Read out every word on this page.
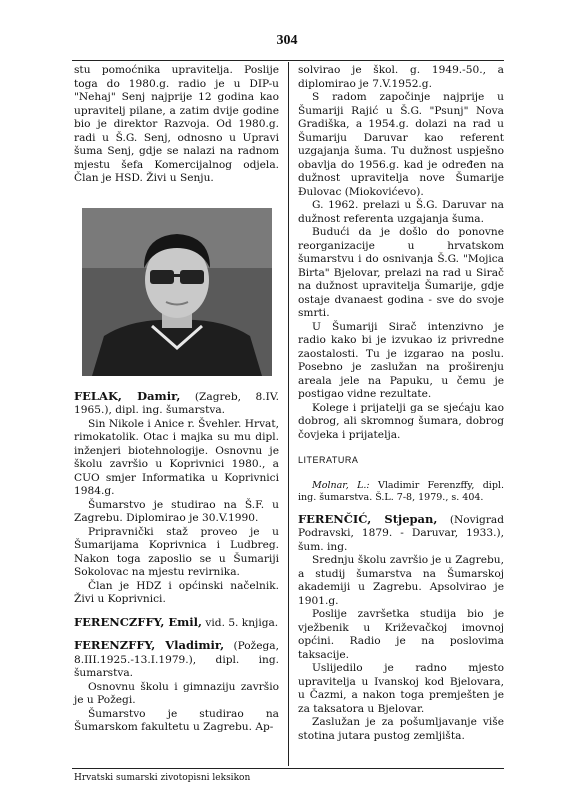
304

stu pomoćnika upravitelja. Poslije toga do 1980.g. radio je u DIP-u "Nehaj" Senj najprije 12 godina kao upravitelj pilane, a zatim dvije godine bio je direktor Razvoja. Od 1980.g. radi u Š.G. Senj, odnosno u Upravi šuma Senj, gdje se nalazi na radnom mjestu šefa Komercijalnog odjela. Član je HSD. Živi u Senju.

FELAK, Damir, (Zagreb, 8.IV. 1965.), dipl. ing. šumarstva.

Sin Nikole i Anice r. Švehler. Hrvat, rimokatolik. Otac i majka su mu dipl. inženjeri biotehnologije. Osnovnu je školu završio u Koprivnici 1980., a CUO smjer Informatika u Koprivnici 1984.g.

Šumarstvo je studirao na Š.F. u Zagrebu. Diplomirao je 30.V.1990.

Pripravnički staž proveo je u Šumarijama Koprivnica i Ludbreg. Nakon toga zaposlio se u Šumariji Sokolovac na mjestu revirnika.

Član je HDZ i općinski načelnik. Živi u Koprivnici.

FERENCZFFY, Emil, vid. 5. knjiga.

FERENZFFY, Vladimir, (Požega, 8.III.1925.-13.I.1979.), dipl. ing. šumarstva.

Osnovnu školu i gimnaziju završio je u Požegi.

Šumarstvo je studirao na Šumarskom fakultetu u Zagrebu. Ap-

solvirao je škol. g. 1949.-50., a diplomirao je 7.V.1952.g.

S radom započinje najprije u Šumariji Rajić u Š.G. "Psunj" Nova Gradiška, a 1954.g. dolazi na rad u Šumariju Daruvar kao referent uzgajanja šuma. Tu dužnost uspješno obavlja do 1956.g. kad je određen na dužnost upravitelja nove Šumarije Đulovac (Miokovićevo).

G. 1962. prelazi u Š.G. Daruvar na dužnost referenta uzgajanja šuma.

Budući da je došlo do ponovne reorganizacije u hrvatskom šumarstvu i do osnivanja Š.G. "Mojica Birta" Bjelovar, prelazi na rad u Sirač na dužnost upravitelja Šumarije, gdje ostaje dvanaest godina - sve do svoje smrti.

U Šumariji Sirač intenzivno je radio kako bi je izvukao iz privredne zaostalosti. Tu je izgarao na poslu. Posebno je zaslužan na proširenju areala jele na Papuku, u čemu je postigao vidne rezultate.

Kolege i prijatelji ga se sjećaju kao dobrog, ali skromnog šumara, dobrog čovjeka i prijatelja.

LITERATURA

Molnar, L.: Vladimir Ferenzffy, dipl. ing. šumarstva. Š.L. 7-8, 1979., s. 404.

FERENČIĆ, Stjepan, (Novigrad Podravski, 1879. - Daruvar, 1933.), šum. ing.

Srednju školu završio je u Zagrebu, a studij šumarstva na Šumarskoj akademiji u Zagrebu. Apsolvirao je 1901.g.

Poslije završetka studija bio je vježbenik u Križevačkoj imovnoj općini. Radio je na poslovima taksacije.

Uslijedilo je radno mjesto upravitelja u Ivanskoj kod Bjelovara, u Čazmi, a nakon toga premješten je za taksatora u Bjelovar.

Zaslužan je za pošumljavanje više stotina jutara pustog zemljišta.

Hrvatski sumarski zivotopisni leksikon
